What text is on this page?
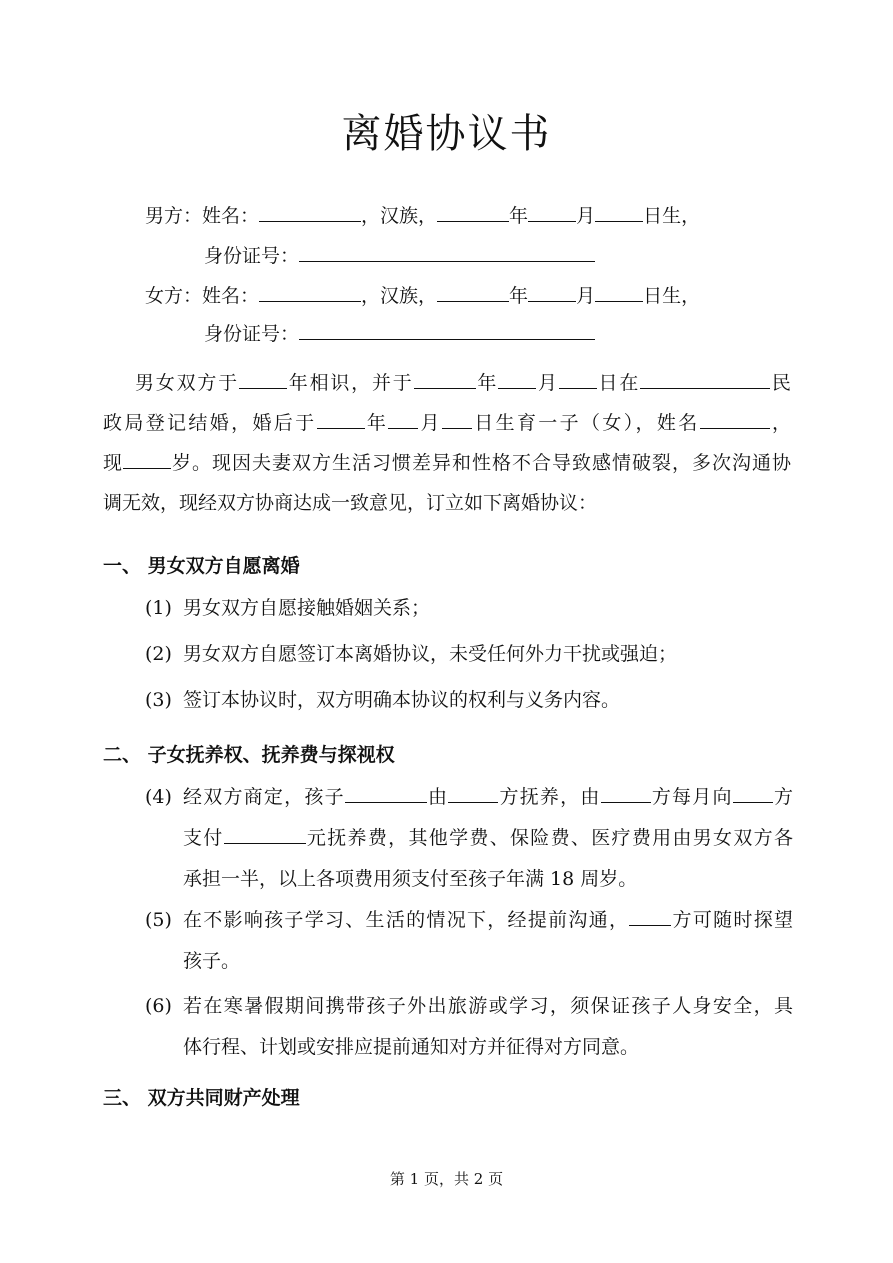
离婚协议书
男方：姓名：	，汉族，	年	月	日生，
身份证号：
女方：姓名：	，汉族，	年	月	日生，
身份证号：
男女双方于	年相识，并于	年 月 日在	民
政局登记结婚，婚后于	年 月 日生育一子（女），姓名	，
现	岁。现因夫妻双方生活习惯差异和性格不合导致感情破裂，多次沟通协
调无效，现经双方协商达成一致意见，订立如下离婚协议：
一、 男女双方自愿离婚
(1) 男女双方自愿接触婚姻关系；
(2) 男女双方自愿签订本离婚协议，未受任何外力干扰或强迫；
(3) 签订本协议时，双方明确本协议的权利与义务内容。
二、 子女抚养权、抚养费与探视权
(4) 经双方商定，孩子	由	方抚养，由	方每月向 方
支付	元抚养费，其他学费、保险费、医疗费用由男女双方各
承担一半，以上各项费用须支付至孩子年满 18 周岁。
(5) 在不影响孩子学习、生活的情况下，经提前沟通， 方可随时探望
孩子。
(6) 若在寒暑假期间携带孩子外出旅游或学习，须保证孩子人身安全，具
体行程、计划或安排应提前通知对方并征得对方同意。
三、 双方共同财产处理
第 1 页，共 2 页
